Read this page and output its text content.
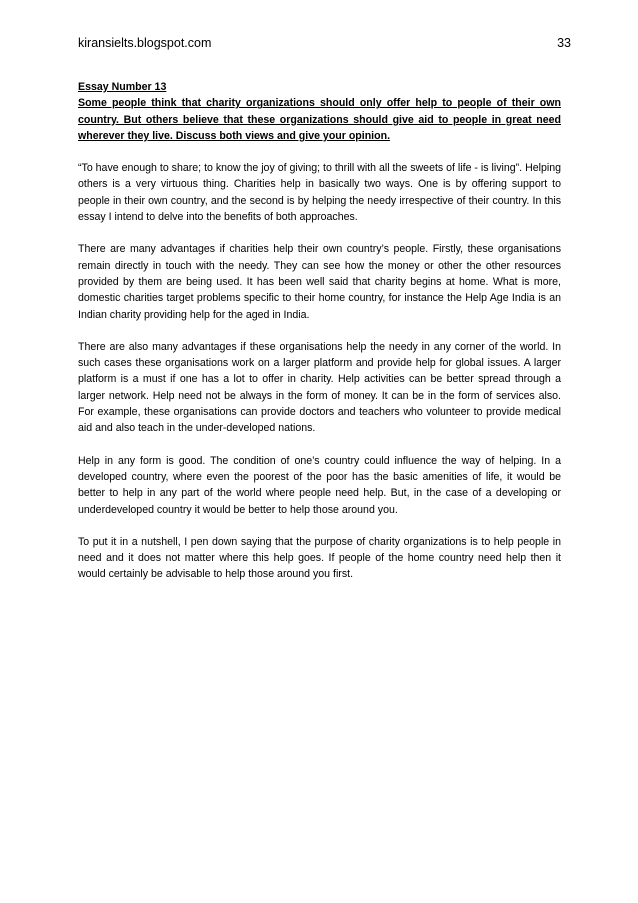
kiransielts.blogspot.com	33

Essay Number 13

Some people think that charity organizations should only offer help to people of their own country. But others believe that these organizations should give aid to people in great need wherever they live. Discuss both views and give your opinion.

“To have enough to share; to know the joy of giving; to thrill with all the sweets of life - is living”. Helping others is a very virtuous thing. Charities help in basically two ways. One is by offering support to people in their own country, and the second is by helping the needy irrespective of their country. In this essay I intend to delve into the benefits of both approaches.

There are many advantages if charities help their own country’s people. Firstly, these organisations remain directly in touch with the needy. They can see how the money or other the other resources provided by them are being used. It has been well said that charity begins at home. What is more, domestic charities target problems specific to their home country, for instance the Help Age India is an Indian charity providing help for the aged in India.

There are also many advantages if these organisations help the needy in any corner of the world. In such cases these organisations work on a larger platform and provide help for global issues. A larger platform is a must if one has a lot to offer in charity. Help activities can be better spread through a larger network. Help need not be always in the form of money. It can be in the form of services also. For example, these organisations can provide doctors and teachers who volunteer to provide medical aid and also teach in the under-developed nations.

Help in any form is good. The condition of one’s country could influence the way of helping. In a developed country, where even the poorest of the poor has the basic amenities of life, it would be better to help in any part of the world where people need help. But, in the case of a developing or underdeveloped country it would be better to help those around you.

To put it in a nutshell, I pen down saying that the purpose of charity organizations is to help people in need and it does not matter where this help goes. If people of the home country need help then it would certainly be advisable to help those around you first.
